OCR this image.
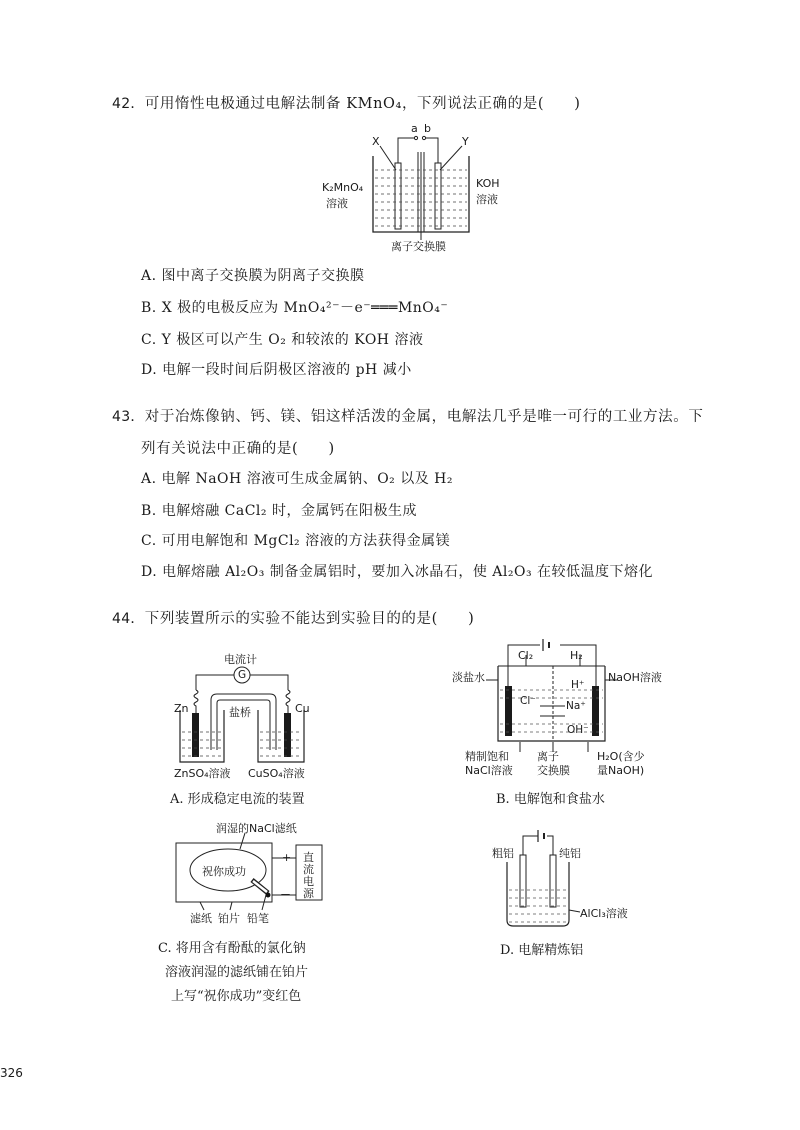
42．可用惰性电极通过电解法制备 KMnO₄，下列说法正确的是(　　)
a b
X	Y
K₂MnO₄
溶液
KOH
溶液
离子交换膜
A. 图中离子交换膜为阴离子交换膜
B. X 极的电极反应为 MnO₄²⁻－e⁻═══MnO₄⁻
C. Y 极区可以产生 O₂ 和较浓的 KOH 溶液
D. 电解一段时间后阴极区溶液的 pH 减小
43．对于冶炼像钠、钙、镁、铝这样活泼的金属，电解法几乎是唯一可行的工业方法。下
列有关说法中正确的是(　　)
A. 电解 NaOH 溶液可生成金属钠、O₂ 以及 H₂
B. 电解熔融 CaCl₂ 时，金属钙在阳极生成
C. 可用电解饱和 MgCl₂ 溶液的方法获得金属镁
D. 电解熔融 Al₂O₃ 制备金属铝时，要加入冰晶石，使 Al₂O₃ 在较低温度下熔化
44．下列装置所示的实验不能达到实验目的的是(　　)
电流计
G
Zn	Cu
盐桥
ZnSO₄溶液 CuSO₄溶液
A. 形成稳定电流的装置
Cl₂	H₂
淡盐水	NaOH溶液
H⁺
Cl⁻	Na⁺
OH⁻
精制饱和
NaCl溶液
离子
交换膜
H₂O(含少
量NaOH)
B. 电解饱和食盐水
润湿的NaCl滤纸
祝你成功
+
－
直
流
电
源
滤纸 铂片 铅笔
C. 将用含有酚酞的氯化钠
溶液润湿的滤纸铺在铂片
上写“祝你成功”变红色
粗铝	纯铝
AlCl₃溶液
D. 电解精炼铝
326
